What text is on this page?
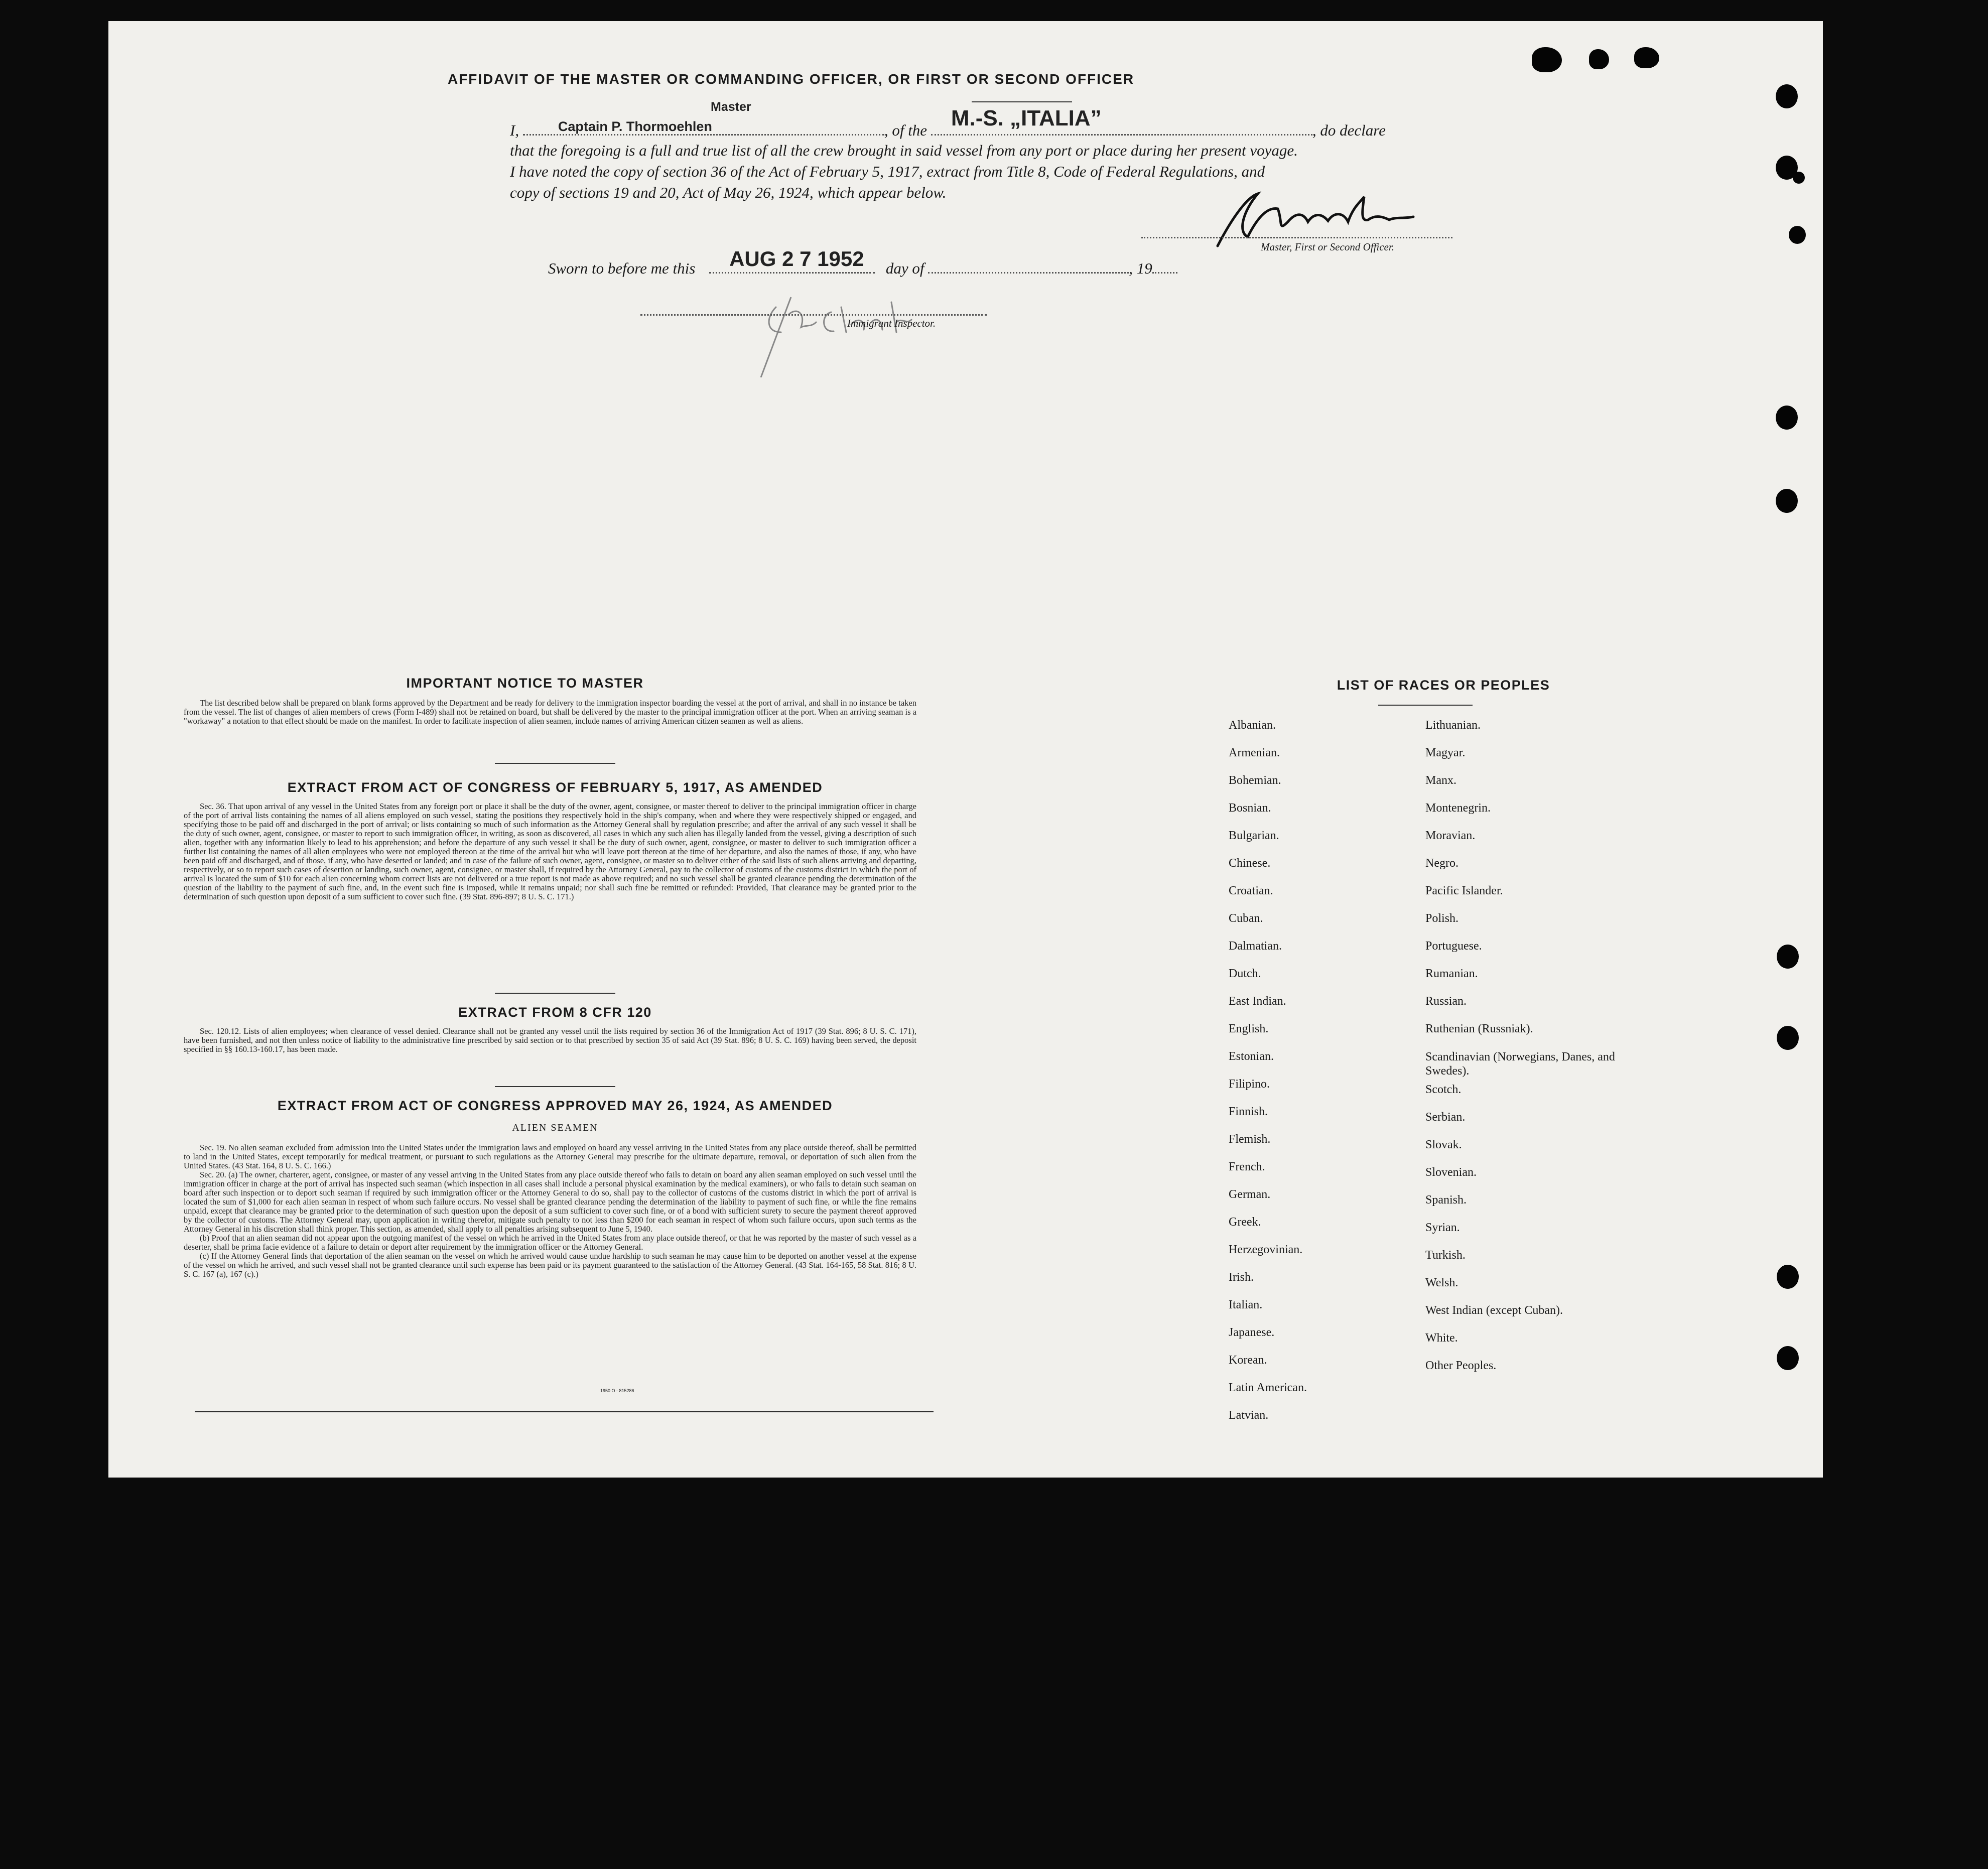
AFFIDAVIT OF THE MASTER OR COMMANDING OFFICER, OR FIRST OR SECOND OFFICER
Master
I,	Captain P. Thormoehlen	, of the M.-S. „ITALIA”	, do declare
that the foregoing is a full and true list of all the crew brought in said vessel from any port or place during her present voyage.
I have noted the copy of section 36 of the Act of February 5, 1917, extract from Title 8, Code of Federal Regulations, and
copy of sections 19 and 20, Act of May 26, 1924, which appear below.
Master, First or Second Officer.
Sworn to before me this AUG 2 7 1952 day of	, 19
Immigrant Inspector.
IMPORTANT NOTICE TO MASTER

The list described below shall be prepared on blank forms approved by the Department and be ready for delivery to the immigration inspector boarding the vessel at the port of arrival, and shall in no instance be taken from the vessel. The list of changes of alien members of crews (Form I-489) shall not be retained on board, but shall be delivered by the master to the principal immigration officer at the port. When an arriving seaman is a "workaway" a notation to that effect should be made on the manifest. In order to facilitate inspection of alien seamen, include names of arriving American citizen seamen as well as aliens.

EXTRACT FROM ACT OF CONGRESS OF FEBRUARY 5, 1917, AS AMENDED

Sec. 36. That upon arrival of any vessel in the United States from any foreign port or place it shall be the duty of the owner, agent, consignee, or master thereof to deliver to the principal immigration officer in charge of the port of arrival lists containing the names of all aliens employed on such vessel, stating the positions they respectively hold in the ship's company, when and where they were respectively shipped or engaged, and specifying those to be paid off and discharged in the port of arrival; or lists containing so much of such information as the Attorney General shall by regulation prescribe; and after the arrival of any such vessel it shall be the duty of such owner, agent, consignee, or master to report to such immigration officer, in writing, as soon as discovered, all cases in which any such alien has illegally landed from the vessel, giving a description of such alien, together with any information likely to lead to his apprehension; and before the departure of any such vessel it shall be the duty of such owner, agent, consignee, or master to deliver to such immigration officer a further list containing the names of all alien employees who were not employed thereon at the time of the arrival but who will leave port thereon at the time of her departure, and also the names of those, if any, who have been paid off and discharged, and of those, if any, who have deserted or landed; and in case of the failure of such owner, agent, consignee, or master so to deliver either of the said lists of such aliens arriving and departing, respectively, or so to report such cases of desertion or landing, such owner, agent, consignee, or master shall, if required by the Attorney General, pay to the collector of customs of the customs district in which the port of arrival is located the sum of $10 for each alien concerning whom correct lists are not delivered or a true report is not made as above required; and no such vessel shall be granted clearance pending the determination of the question of the liability to the payment of such fine, and, in the event such fine is imposed, while it remains unpaid; nor shall such fine be remitted or refunded: Provided, That clearance may be granted prior to the determination of such question upon deposit of a sum sufficient to cover such fine. (39 Stat. 896-897; 8 U. S. C. 171.)

EXTRACT FROM 8 CFR 120

Sec. 120.12. Lists of alien employees; when clearance of vessel denied. Clearance shall not be granted any vessel until the lists required by section 36 of the Immigration Act of 1917 (39 Stat. 896; 8 U. S. C. 171), have been furnished, and not then unless notice of liability to the administrative fine prescribed by said section or to that prescribed by section 35 of said Act (39 Stat. 896; 8 U. S. C. 169) having been served, the deposit specified in §§ 160.13-160.17, has been made.

EXTRACT FROM ACT OF CONGRESS APPROVED MAY 26, 1924, AS AMENDED
ALIEN SEAMEN

Sec. 19. No alien seaman excluded from admission into the United States under the immigration laws and employed on board any vessel arriving in the United States from any place outside thereof, shall be permitted to land in the United States, except temporarily for medical treatment, or pursuant to such regulations as the Attorney General may prescribe for the ultimate departure, removal, or deportation of such alien from the United States. (43 Stat. 164, 8 U. S. C. 166.)

Sec. 20. (a) The owner, charterer, agent, consignee, or master of any vessel arriving in the United States from any place outside thereof who fails to detain on board any alien seaman employed on such vessel until the immigration officer in charge at the port of arrival has inspected such seaman (which inspection in all cases shall include a personal physical examination by the medical examiners), or who fails to detain such seaman on board after such inspection or to deport such seaman if required by such immigration officer or the Attorney General to do so, shall pay to the collector of customs of the customs district in which the port of arrival is located the sum of $1,000 for each alien seaman in respect of whom such failure occurs. No vessel shall be granted clearance pending the determination of the liability to payment of such fine, or while the fine remains unpaid, except that clearance may be granted prior to the determination of such question upon the deposit of a sum sufficient to cover such fine, or of a bond with sufficient surety to secure the payment thereof approved by the collector of customs. The Attorney General may, upon application in writing therefor, mitigate such penalty to not less than $200 for each seaman in respect of whom such failure occurs, upon such terms as the Attorney General in his discretion shall think proper. This section, as amended, shall apply to all penalties arising subsequent to June 5, 1940.

(b) Proof that an alien seaman did not appear upon the outgoing manifest of the vessel on which he arrived in the United States from any place outside thereof, or that he was reported by the master of such vessel as a deserter, shall be prima facie evidence of a failure to detain or deport after requirement by the immigration officer or the Attorney General.

(c) If the Attorney General finds that deportation of the alien seaman on the vessel on which he arrived would cause undue hardship to such seaman he may cause him to be deported on another vessel at the expense of the vessel on which he arrived, and such vessel shall not be granted clearance until such expense has been paid or its payment guaranteed to the satisfaction of the Attorney General. (43 Stat. 164-165, 58 Stat. 816; 8 U. S. C. 167 (a), 167 (c).)

1950 O - 815286
LIST OF RACES OR PEOPLES
Albanian.
Armenian.
Bohemian.
Bosnian.
Bulgarian.
Chinese.
Croatian.
Cuban.
Dalmatian.
Dutch.
East Indian.
English.
Estonian.
Filipino.
Finnish.
Flemish.
French.
German.
Greek.
Herzegovinian.
Irish.
Italian.
Japanese.
Korean.
Latin American.
Latvian.
Lithuanian.
Magyar.
Manx.
Montenegrin.
Moravian.
Negro.
Pacific Islander.
Polish.
Portuguese.
Rumanian.
Russian.
Ruthenian (Russniak).
Scandinavian (Norwegians, Danes, and Swedes).
Scotch.
Serbian.
Slovak.
Slovenian.
Spanish.
Syrian.
Turkish.
Welsh.
West Indian (except Cuban).
White.
Other Peoples.
